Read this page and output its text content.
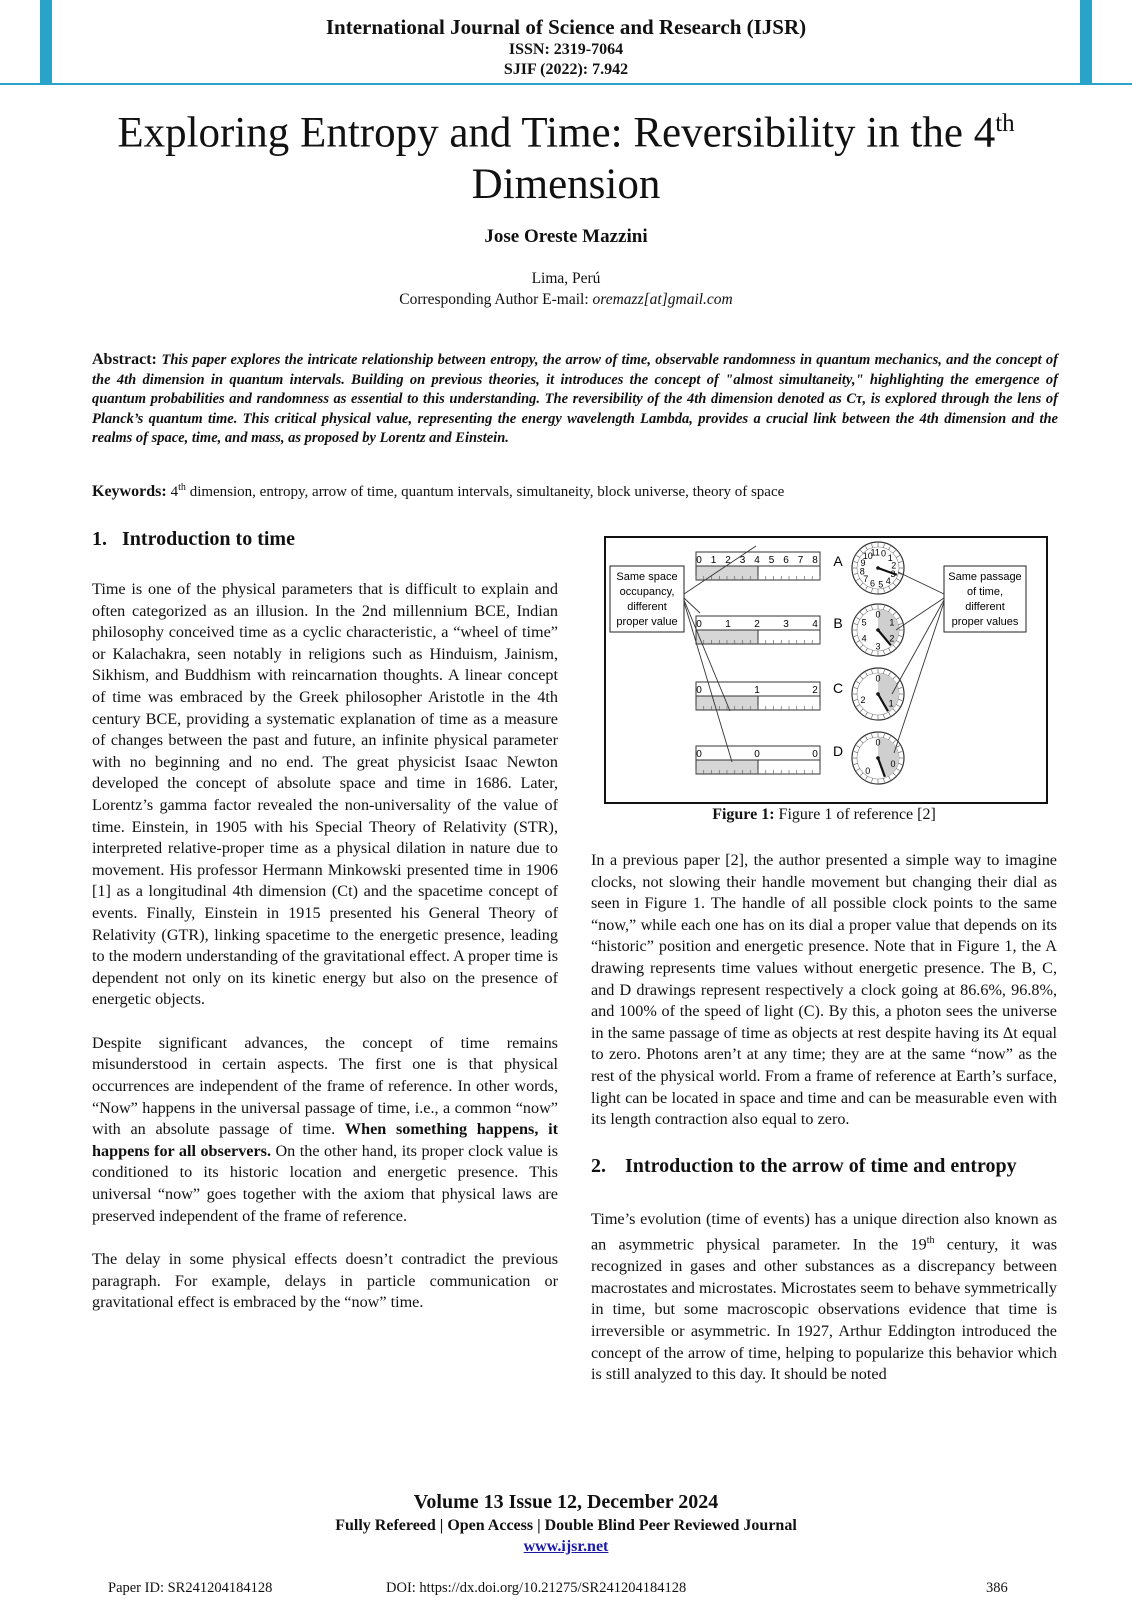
International Journal of Science and Research (IJSR)
ISSN: 2319-7064
SJIF (2022): 7.942
Exploring Entropy and Time: Reversibility in the 4th
Dimension
Jose Oreste Mazzini
Lima, Perú
Corresponding Author E-mail: oremazz[at]gmail.com
Abstract: This paper explores the intricate relationship between entropy, the arrow of time, observable randomness in quantum mechanics, and the concept of the 4th dimension in quantum intervals. Building on previous theories, it introduces the concept of "almost simultaneity," highlighting the emergence of quantum probabilities and randomness as essential to this understanding. The reversibility of the 4th dimension denoted as Cτ, is explored through the lens of Planck’s quantum time. This critical physical value, representing the energy wavelength Lambda, provides a crucial link between the 4th dimension and the realms of space, time, and mass, as proposed by Lorentz and Einstein.
Keywords: 4th dimension, entropy, arrow of time, quantum intervals, simultaneity, block universe, theory of space
1. Introduction to time

Time is one of the physical parameters that is difficult to explain and often categorized as an illusion. In the 2nd millennium BCE, Indian philosophy conceived time as a cyclic characteristic, a “wheel of time” or Kalachakra, seen notably in religions such as Hinduism, Jainism, Sikhism, and Buddhism with reincarnation thoughts. A linear concept of time was embraced by the Greek philosopher Aristotle in the 4th century BCE, providing a systematic explanation of time as a measure of changes between the past and future, an infinite physical parameter with no beginning and no end. The great physicist Isaac Newton developed the concept of absolute space and time in 1686. Later, Lorentz’s gamma factor revealed the non-universality of the value of time. Einstein, in 1905 with his Special Theory of Relativity (STR), interpreted relative-proper time as a physical dilation in nature due to movement. His professor Hermann Minkowski presented time in 1906 [1] as a longitudinal 4th dimension (Ct) and the spacetime concept of events. Finally, Einstein in 1915 presented his General Theory of Relativity (GTR), linking spacetime to the energetic presence, leading to the modern understanding of the gravitational effect. A proper time is dependent not only on its kinetic energy but also on the presence of energetic objects.

Despite significant advances, the concept of time remains misunderstood in certain aspects. The first one is that physical occurrences are independent of the frame of reference. In other words, “Now” happens in the universal passage of time, i.e., a common “now” with an absolute passage of time. When something happens, it happens for all observers. On the other hand, its proper clock value is conditioned to its historic location and energetic presence. This universal “now” goes together with the axiom that physical laws are preserved independent of the frame of reference.

The delay in some physical effects doesn’t contradict the previous paragraph. For example, delays in particle communication or gravitational effect is embraced by the “now” time.

Same space
occupancy,
different
proper value
Same passage
of time,
different
proper values
0 1 2 3 4 5 6 7 8
0 1 2 3 4
0	1	2
0	0	0
11 0 1
2
4
5
6
7
8
9
10
0
1
2
3
4
5
0
1
2
0
0
0
A
B
C
D
Figure 1: Figure 1 of reference [2]

In a previous paper [2], the author presented a simple way to imagine clocks, not slowing their handle movement but changing their dial as seen in Figure 1. The handle of all possible clock points to the same “now,” while each one has on its dial a proper value that depends on its “historic” position and energetic presence. Note that in Figure 1, the A drawing represents time values without energetic presence. The B, C, and D drawings represent respectively a clock going at 86.6%, 96.8%, and 100% of the speed of light (C). By this, a photon sees the universe in the same passage of time as objects at rest despite having its Δt equal to zero. Photons aren’t at any time; they are at the same “now” as the rest of the physical world. From a frame of reference at Earth’s surface, light can be located in space and time and can be measurable even with its length contraction also equal to zero.

2. Introduction to the arrow of time and entropy

Time’s evolution (time of events) has a unique direction also known as an asymmetric physical parameter. In the 19th century, it was recognized in gases and other substances as a discrepancy between macrostates and microstates. Microstates seem to behave symmetrically in time, but some macroscopic observations evidence that time is irreversible or asymmetric. In 1927, Arthur Eddington introduced the concept of the arrow of time, helping to popularize this behavior which is still analyzed to this day. It should be noted

Volume 13 Issue 12, December 2024
Fully Refereed | Open Access | Double Blind Peer Reviewed Journal
www.ijsr.net
Paper ID: SR241204184128	DOI: https://dx.doi.org/10.21275/SR241204184128	386
